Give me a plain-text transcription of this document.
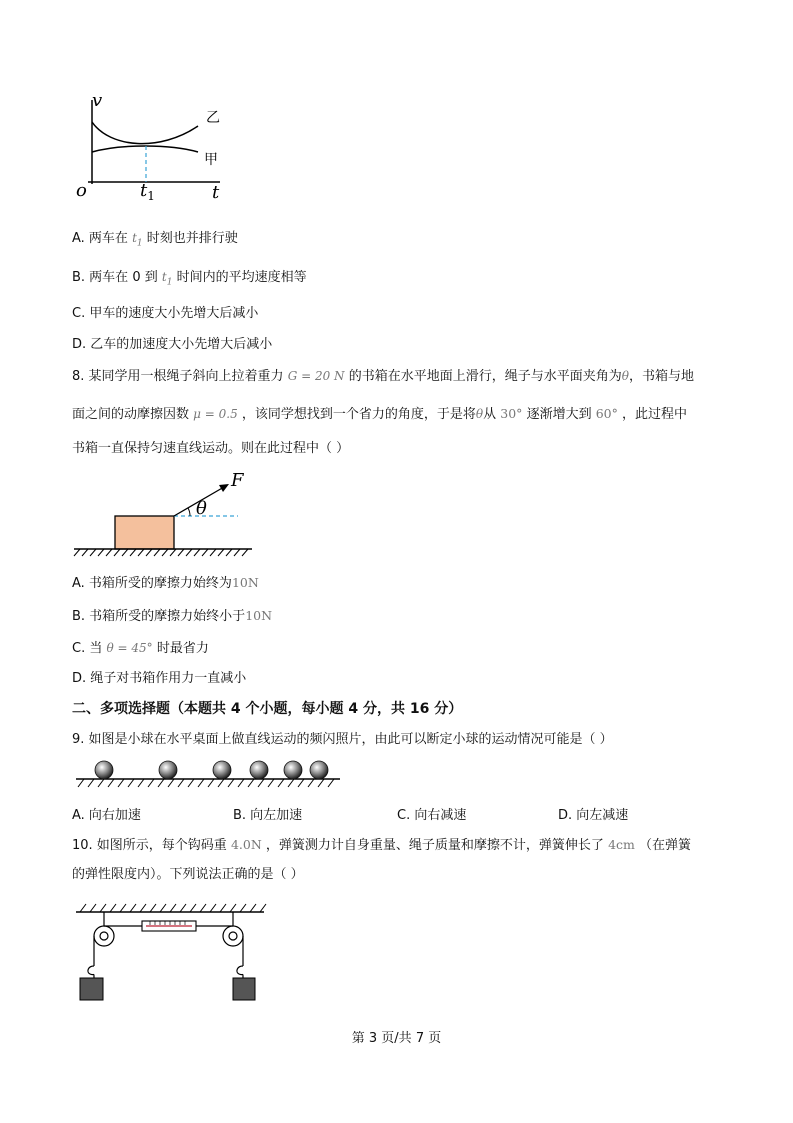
v
o	t
$t_1$
乙
甲
A. 两车在 $t_1$ 时刻也并排行驶
B. 两车在 0 到 $t_1$ 时间内的平均速度相等
C. 甲车的速度大小先增大后减小
D. 乙车的加速度大小先增大后减小
8. 某同学用一根绳子斜向上拉着重力 G = 20 N 的书箱在水平地面上滑行，绳子与水平面夹角为θ，书箱与地
面之间的动摩擦因数 μ = 0.5 ，该同学想找到一个省力的角度，于是将θ从 30° 逐渐增大到 60° ，此过程中
书箱一直保持匀速直线运动。则在此过程中（ ）
F
θ
A. 书箱所受的摩擦力始终为10N
B. 书箱所受的摩擦力始终小于10N
C. 当 θ = 45° 时最省力
D. 绳子对书箱作用力一直减小
二、多项选择题（本题共 4 个小题，每小题 4 分，共 16 分）
9. 如图是小球在水平桌面上做直线运动的频闪照片，由此可以断定小球的运动情况可能是（ ）
A. 向右加速	B. 向左加速	C. 向右减速	D. 向左减速
10. 如图所示，每个钩码重 4.0N ，弹簧测力计自身重量、绳子质量和摩擦不计，弹簧伸长了 4cm （在弹簧
的弹性限度内）。下列说法正确的是（ ）
第 3 页/共 7 页
